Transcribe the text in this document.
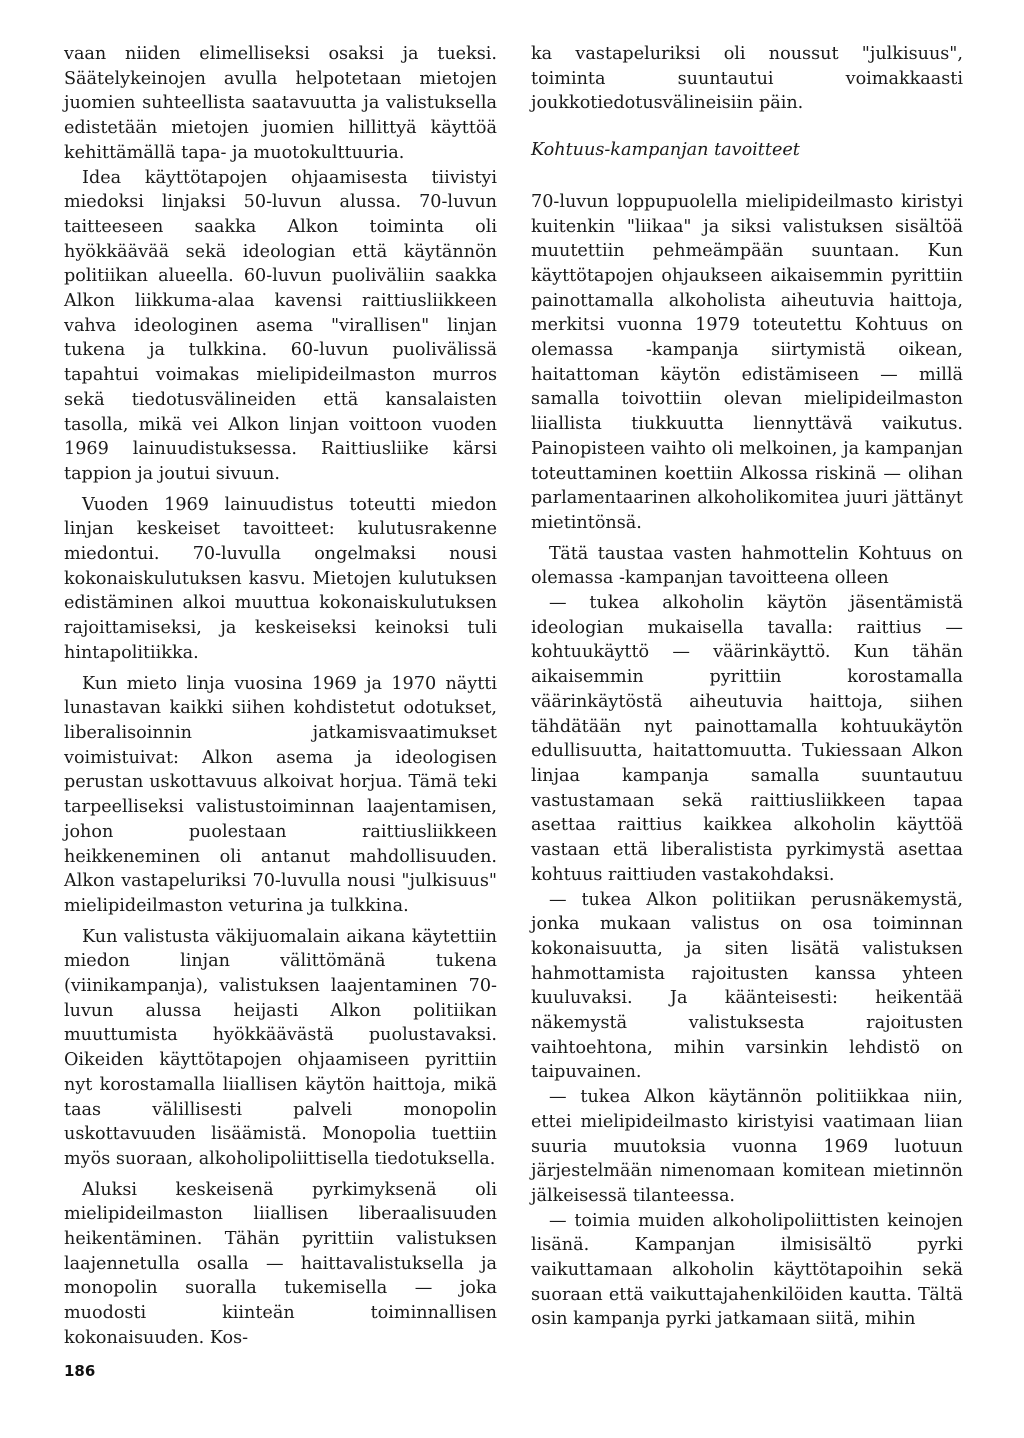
vaan niiden elimelliseksi osaksi ja tueksi. Säätelykeinojen avulla helpotetaan mietojen juomien suhteellista saatavuutta ja valistuksella edistetään mietojen juomien hillittyä käyttöä kehittämällä tapa- ja muotokulttuuria.

Idea käyttötapojen ohjaamisesta tiivistyi miedoksi linjaksi 50-luvun alussa. 70-luvun taitteeseen saakka Alkon toiminta oli hyökkäävää sekä ideologian että käytännön politiikan alueella. 60-luvun puoliväliin saakka Alkon liikkuma-alaa kavensi raittiusliikkeen vahva ideologinen asema "virallisen" linjan tukena ja tulkkina. 60-luvun puolivälissä tapahtui voimakas mielipideilmaston murros sekä tiedotusvälineiden että kansalaisten tasolla, mikä vei Alkon linjan voittoon vuoden 1969 lainuudistuksessa. Raittiusliike kärsi tappion ja joutui sivuun.

Vuoden 1969 lainuudistus toteutti miedon linjan keskeiset tavoitteet: kulutusrakenne miedontui. 70-luvulla ongelmaksi nousi kokonaiskulutuksen kasvu. Mietojen kulutuksen edistäminen alkoi muuttua kokonaiskulutuksen rajoittamiseksi, ja keskeiseksi keinoksi tuli hintapolitiikka.

Kun mieto linja vuosina 1969 ja 1970 näytti lunastavan kaikki siihen kohdistetut odotukset, liberalisoinnin jatkamisvaatimukset voimistuivat: Alkon asema ja ideologisen perustan uskottavuus alkoivat horjua. Tämä teki tarpeelliseksi valistustoiminnan laajentamisen, johon puolestaan raittiusliikkeen heikkeneminen oli antanut mahdollisuuden. Alkon vastapeluriksi 70-luvulla nousi "julkisuus" mielipideilmaston veturina ja tulkkina.

Kun valistusta väkijuomalain aikana käytettiin miedon linjan välittömänä tukena (viinikampanja), valistuksen laajentaminen 70-luvun alussa heijasti Alkon politiikan muuttumista hyökkäävästä puolustavaksi. Oikeiden käyttötapojen ohjaamiseen pyrittiin nyt korostamalla liiallisen käytön haittoja, mikä taas välillisesti palveli monopolin uskottavuuden lisäämistä. Monopolia tuettiin myös suoraan, alkoholipoliittisella tiedotuksella.

Aluksi keskeisenä pyrkimyksenä oli mielipideilmaston liiallisen liberaalisuuden heikentäminen. Tähän pyrittiin valistuksen laajennetulla osalla — haittavalistuksella ja monopolin suoralla tukemisella — joka muodosti kiinteän toiminnallisen kokonaisuuden. Kos-

ka vastapeluriksi oli noussut "julkisuus", toiminta suuntautui voimakkaasti joukkotiedotusvälineisiin päin.

Kohtuus-kampanjan tavoitteet

70-luvun loppupuolella mielipideilmasto kiristyi kuitenkin "liikaa" ja siksi valistuksen sisältöä muutettiin pehmeämpään suuntaan. Kun käyttötapojen ohjaukseen aikaisemmin pyrittiin painottamalla alkoholista aiheutuvia haittoja, merkitsi vuonna 1979 toteutettu Kohtuus on olemassa -kampanja siirtymistä oikean, haitattoman käytön edistämiseen — millä samalla toivottiin olevan mielipideilmaston liiallista tiukkuutta liennyttävä vaikutus. Painopisteen vaihto oli melkoinen, ja kampanjan toteuttaminen koettiin Alkossa riskinä — olihan parlamentaarinen alkoholikomitea juuri jättänyt mietintönsä.

Tätä taustaa vasten hahmottelin Kohtuus on olemassa -kampanjan tavoitteena olleen

— tukea alkoholin käytön jäsentämistä ideologian mukaisella tavalla: raittius — kohtuukäyttö — väärinkäyttö. Kun tähän aikaisemmin pyrittiin korostamalla väärinkäytöstä aiheutuvia haittoja, siihen tähdätään nyt painottamalla kohtuukäytön edullisuutta, haitattomuutta. Tukiessaan Alkon linjaa kampanja samalla suuntautuu vastustamaan sekä raittiusliikkeen tapaa asettaa raittius kaikkea alkoholin käyttöä vastaan että liberalistista pyrkimystä asettaa kohtuus raittiuden vastakohdaksi.

— tukea Alkon politiikan perusnäkemystä, jonka mukaan valistus on osa toiminnan kokonaisuutta, ja siten lisätä valistuksen hahmottamista rajoitusten kanssa yhteen kuuluvaksi. Ja käänteisesti: heikentää näkemystä valistuksesta rajoitusten vaihtoehtona, mihin varsinkin lehdistö on taipuvainen.

— tukea Alkon käytännön politiikkaa niin, ettei mielipideilmasto kiristyisi vaatimaan liian suuria muutoksia vuonna 1969 luotuun järjestelmään nimenomaan komitean mietinnön jälkeisessä tilanteessa.

— toimia muiden alkoholipoliittisten keinojen lisänä. Kampanjan ilmisisältö pyrki vaikuttamaan alkoholin käyttötapoihin sekä suoraan että vaikuttajahenkilöiden kautta. Tältä osin kampanja pyrki jatkamaan siitä, mihin

186
